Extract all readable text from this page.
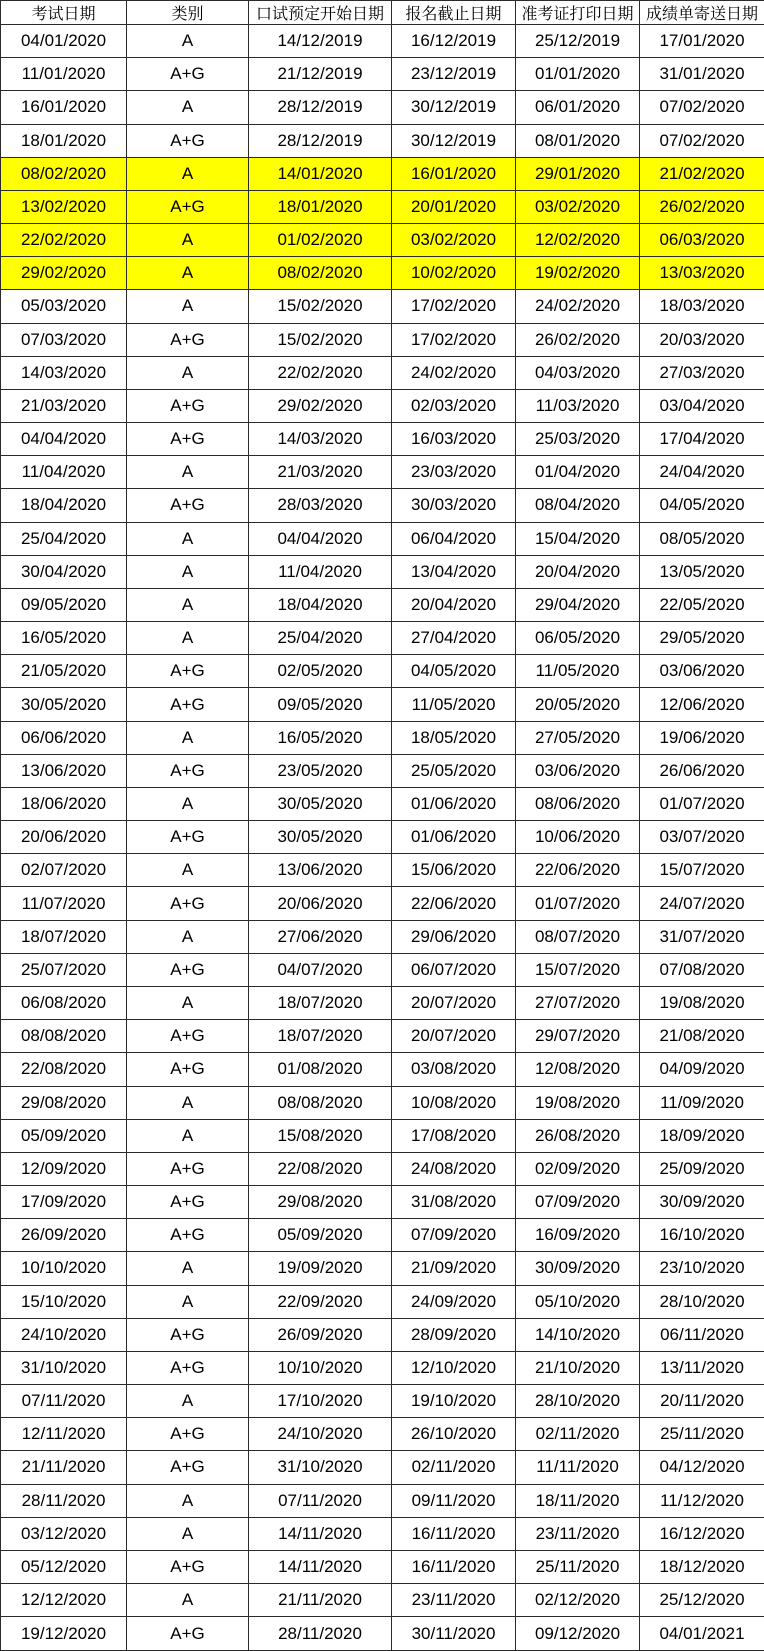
考试日期	类别	口试预定开始日期	报名截止日期	准考证打印日期	成绩单寄送日期
04/01/2020	A	14/12/2019	16/12/2019	25/12/2019	17/01/2020
11/01/2020	A+G	21/12/2019	23/12/2019	01/01/2020	31/01/2020
16/01/2020	A	28/12/2019	30/12/2019	06/01/2020	07/02/2020
18/01/2020	A+G	28/12/2019	30/12/2019	08/01/2020	07/02/2020
08/02/2020	A	14/01/2020	16/01/2020	29/01/2020	21/02/2020
13/02/2020	A+G	18/01/2020	20/01/2020	03/02/2020	26/02/2020
22/02/2020	A	01/02/2020	03/02/2020	12/02/2020	06/03/2020
29/02/2020	A	08/02/2020	10/02/2020	19/02/2020	13/03/2020
05/03/2020	A	15/02/2020	17/02/2020	24/02/2020	18/03/2020
07/03/2020	A+G	15/02/2020	17/02/2020	26/02/2020	20/03/2020
14/03/2020	A	22/02/2020	24/02/2020	04/03/2020	27/03/2020
21/03/2020	A+G	29/02/2020	02/03/2020	11/03/2020	03/04/2020
04/04/2020	A+G	14/03/2020	16/03/2020	25/03/2020	17/04/2020
11/04/2020	A	21/03/2020	23/03/2020	01/04/2020	24/04/2020
18/04/2020	A+G	28/03/2020	30/03/2020	08/04/2020	04/05/2020
25/04/2020	A	04/04/2020	06/04/2020	15/04/2020	08/05/2020
30/04/2020	A	11/04/2020	13/04/2020	20/04/2020	13/05/2020
09/05/2020	A	18/04/2020	20/04/2020	29/04/2020	22/05/2020
16/05/2020	A	25/04/2020	27/04/2020	06/05/2020	29/05/2020
21/05/2020	A+G	02/05/2020	04/05/2020	11/05/2020	03/06/2020
30/05/2020	A+G	09/05/2020	11/05/2020	20/05/2020	12/06/2020
06/06/2020	A	16/05/2020	18/05/2020	27/05/2020	19/06/2020
13/06/2020	A+G	23/05/2020	25/05/2020	03/06/2020	26/06/2020
18/06/2020	A	30/05/2020	01/06/2020	08/06/2020	01/07/2020
20/06/2020	A+G	30/05/2020	01/06/2020	10/06/2020	03/07/2020
02/07/2020	A	13/06/2020	15/06/2020	22/06/2020	15/07/2020
11/07/2020	A+G	20/06/2020	22/06/2020	01/07/2020	24/07/2020
18/07/2020	A	27/06/2020	29/06/2020	08/07/2020	31/07/2020
25/07/2020	A+G	04/07/2020	06/07/2020	15/07/2020	07/08/2020
06/08/2020	A	18/07/2020	20/07/2020	27/07/2020	19/08/2020
08/08/2020	A+G	18/07/2020	20/07/2020	29/07/2020	21/08/2020
22/08/2020	A+G	01/08/2020	03/08/2020	12/08/2020	04/09/2020
29/08/2020	A	08/08/2020	10/08/2020	19/08/2020	11/09/2020
05/09/2020	A	15/08/2020	17/08/2020	26/08/2020	18/09/2020
12/09/2020	A+G	22/08/2020	24/08/2020	02/09/2020	25/09/2020
17/09/2020	A+G	29/08/2020	31/08/2020	07/09/2020	30/09/2020
26/09/2020	A+G	05/09/2020	07/09/2020	16/09/2020	16/10/2020
10/10/2020	A	19/09/2020	21/09/2020	30/09/2020	23/10/2020
15/10/2020	A	22/09/2020	24/09/2020	05/10/2020	28/10/2020
24/10/2020	A+G	26/09/2020	28/09/2020	14/10/2020	06/11/2020
31/10/2020	A+G	10/10/2020	12/10/2020	21/10/2020	13/11/2020
07/11/2020	A	17/10/2020	19/10/2020	28/10/2020	20/11/2020
12/11/2020	A+G	24/10/2020	26/10/2020	02/11/2020	25/11/2020
21/11/2020	A+G	31/10/2020	02/11/2020	11/11/2020	04/12/2020
28/11/2020	A	07/11/2020	09/11/2020	18/11/2020	11/12/2020
03/12/2020	A	14/11/2020	16/11/2020	23/11/2020	16/12/2020
05/12/2020	A+G	14/11/2020	16/11/2020	25/11/2020	18/12/2020
12/12/2020	A	21/11/2020	23/11/2020	02/12/2020	25/12/2020
19/12/2020	A+G	28/11/2020	30/11/2020	09/12/2020	04/01/2021
